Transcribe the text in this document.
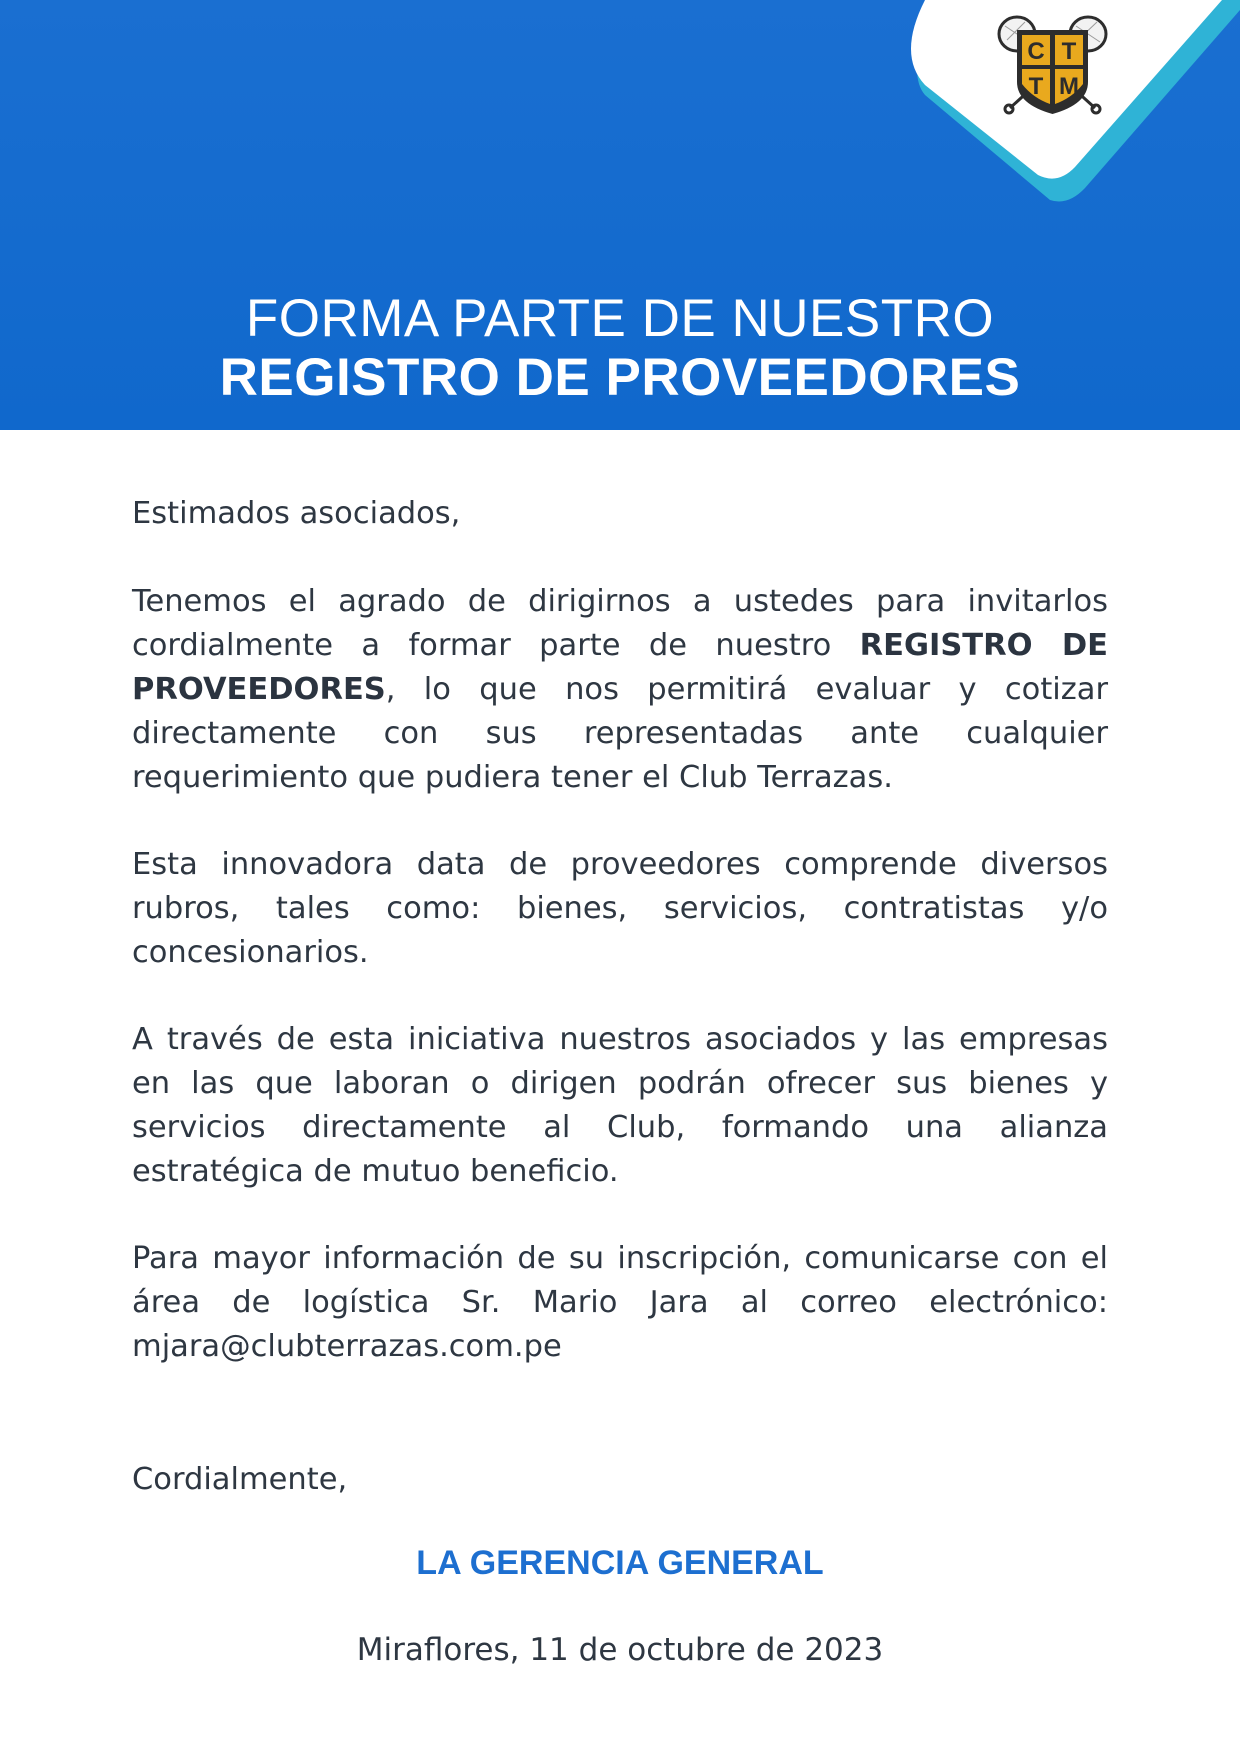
C T
T M
FORMA PARTE DE NUESTRO
REGISTRO DE PROVEEDORES

Estimados asociados,

Tenemos el agrado de dirigirnos a ustedes para invitarlos cordialmente a formar parte de nuestro REGISTRO DE PROVEEDORES, lo que nos permitirá evaluar y cotizar directamente con sus representadas ante cualquier requerimiento que pudiera tener el Club Terrazas.

Esta innovadora data de proveedores comprende diversos rubros, tales como: bienes, servicios, contratistas y/o concesionarios.

A través de esta iniciativa nuestros asociados y las empresas en las que laboran o dirigen podrán ofrecer sus bienes y servicios directamente al Club, formando una alianza estratégica de mutuo beneficio.

Para mayor información de su inscripción, comunicarse con el área de logística Sr. Mario Jara al correo electrónico: mjara@clubterrazas.com.pe

Cordialmente,
LA GERENCIA GENERAL
Miraflores, 11 de octubre de 2023
